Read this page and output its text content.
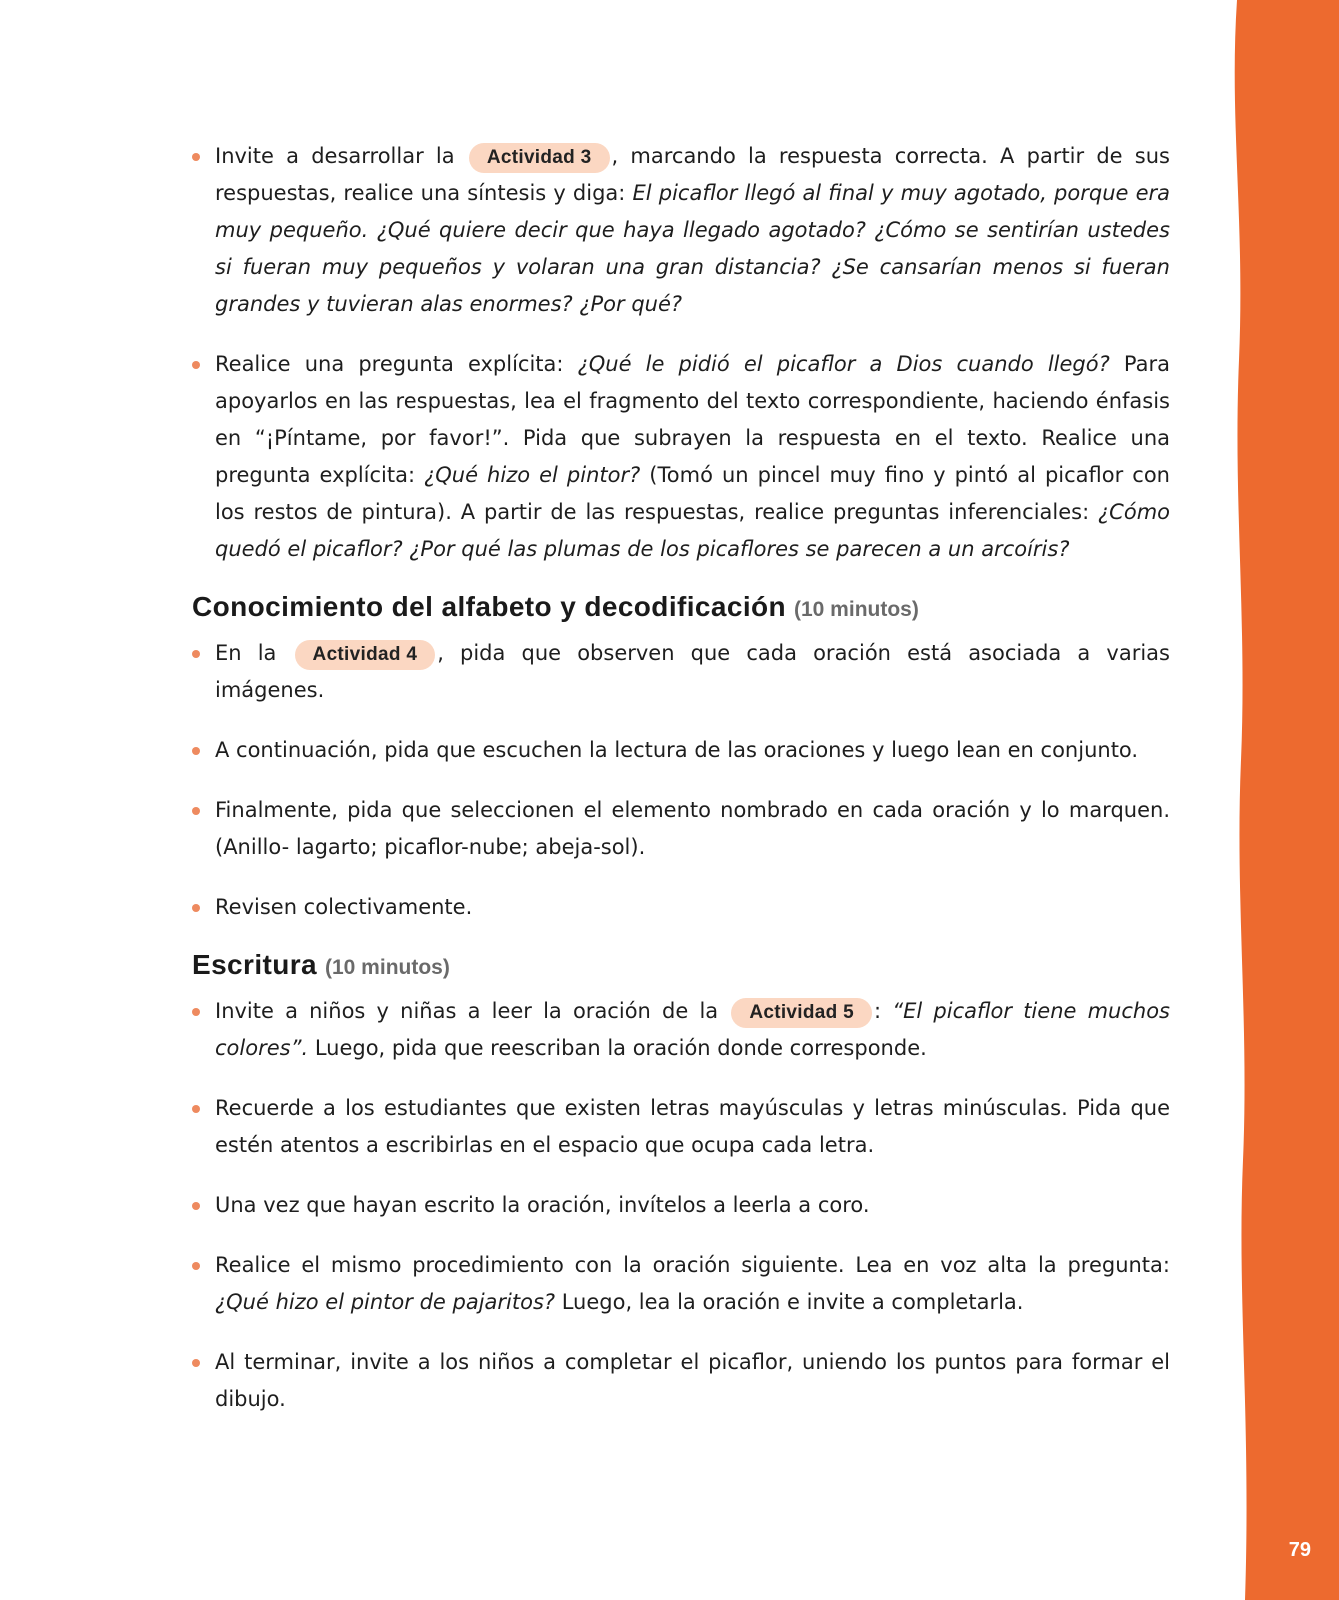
79
Invite a desarrollar la Actividad 3 , marcando la respuesta correcta. A partir de sus respuestas, realice una síntesis y diga: El picaflor llegó al final y muy agotado, porque era muy pequeño. ¿Qué quiere decir que haya llegado agotado? ¿Cómo se sentirían ustedes si fueran muy pequeños y volaran una gran distancia? ¿Se cansarían menos si fueran grandes y tuvieran alas enormes? ¿Por qué?
Realice una pregunta explícita: ¿Qué le pidió el picaflor a Dios cuando llegó? Para apoyarlos en las respuestas, lea el fragmento del texto correspondiente, haciendo énfasis en “¡Píntame, por favor!”. Pida que subrayen la respuesta en el texto. Realice una pregunta explícita: ¿Qué hizo el pintor? (Tomó un pincel muy fino y pintó al picaflor con los restos de pintura). A partir de las respuestas, realice preguntas inferenciales: ¿Cómo quedó el picaflor? ¿Por qué las plumas de los picaflores se parecen a un arcoíris?
Conocimiento del alfabeto y decodificación (10 minutos)
En la Actividad 4 , pida que observen que cada oración está asociada a varias imágenes.
A continuación, pida que escuchen la lectura de las oraciones y luego lean en conjunto.
Finalmente, pida que seleccionen el elemento nombrado en cada oración y lo marquen. (Anillo- lagarto; picaflor-nube; abeja-sol).
Revisen colectivamente.
Escritura (10 minutos)
Invite a niños y niñas a leer la oración de la Actividad 5 : “El picaflor tiene muchos colores”. Luego, pida que reescriban la oración donde corresponde.
Recuerde a los estudiantes que existen letras mayúsculas y letras minúsculas. Pida que estén atentos a escribirlas en el espacio que ocupa cada letra.
Una vez que hayan escrito la oración, invítelos a leerla a coro.
Realice el mismo procedimiento con la oración siguiente. Lea en voz alta la pregunta: ¿Qué hizo el pintor de pajaritos? Luego, lea la oración e invite a completarla.
Al terminar, invite a los niños a completar el picaflor, uniendo los puntos para formar el dibujo.
